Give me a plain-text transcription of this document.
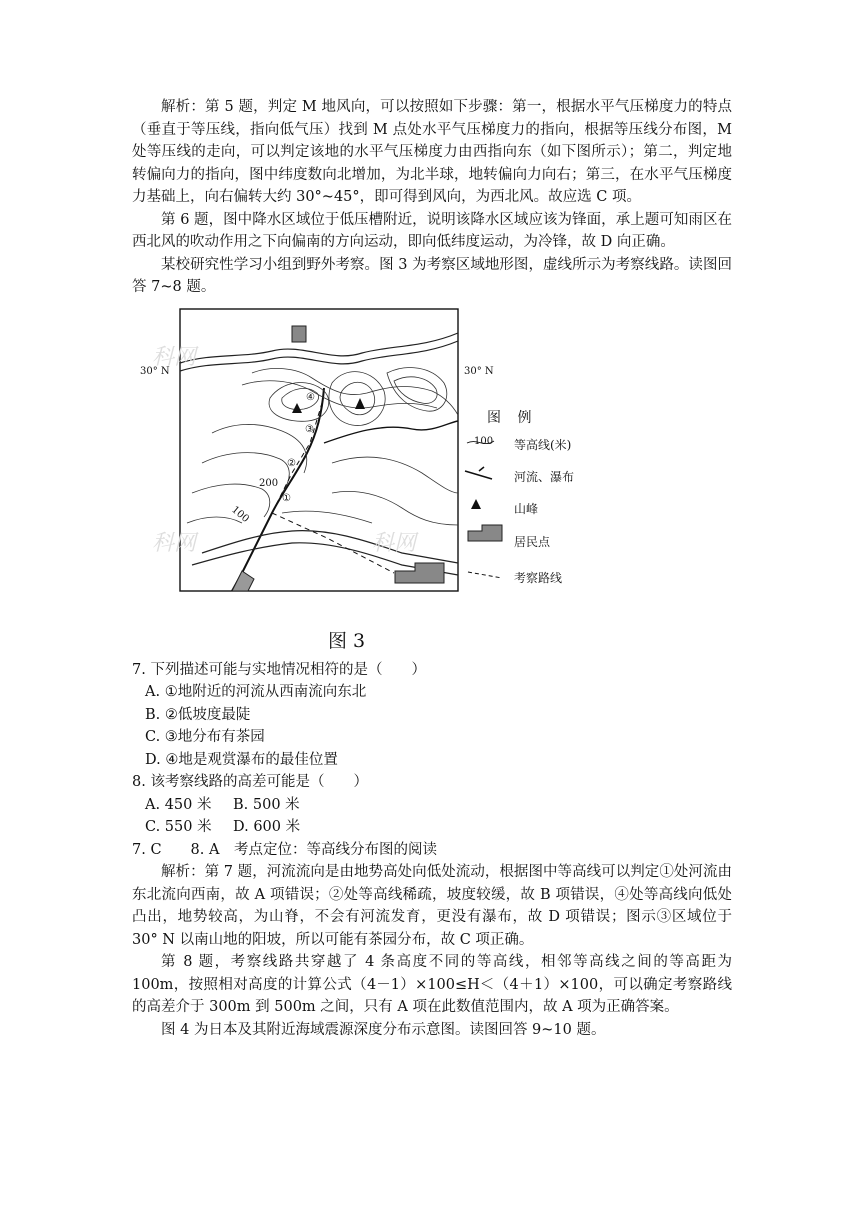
解析：第 5 题，判定 M 地风向，可以按照如下步骤：第一，根据水平气压梯度力的特点（垂直于等压线，指向低气压）找到 M 点处水平气压梯度力的指向，根据等压线分布图，M 处等压线的走向，可以判定该地的水平气压梯度力由西指向东（如下图所示）；第二，判定地转偏向力的指向，图中纬度数向北增加，为北半球，地转偏向力向右；第三，在水平气压梯度力基础上，向右偏转大约 30°~45°，即可得到风向，为西北风。故应选 C 项。

第 6 题，图中降水区域位于低压槽附近，说明该降水区域应该为锋面，承上题可知雨区在西北风的吹动作用之下向偏南的方向运动，即向低纬度运动，为冷锋，故 D 向正确。

某校研究性学习小组到野外考察。图 3 为考察区域地形图，虚线所示为考察线路。读图回答 7~8 题。

30° N	30° N
④
③
②
①
200
100
图 例
100 等高线(米)
河流、瀑布
山峰
居民点
考察路线
科网
科网	科网
图 3

7. 下列描述可能与实地情况相符的是（　　）

A. ①地附近的河流从西南流向东北

B. ②低坡度最陡

C. ③地分布有茶园

D. ④地是观赏瀑布的最佳位置

8. 该考察线路的高差可能是（　　）

A. 450 米 B. 500 米

C. 550 米 D. 600 米

7. C　　8. A　考点定位：等高线分布图的阅读

解析：第 7 题，河流流向是由地势高处向低处流动，根据图中等高线可以判定①处河流由东北流向西南，故 A 项错误；②处等高线稀疏，坡度较缓，故 B 项错误，④处等高线向低处凸出，地势较高，为山脊，不会有河流发育，更没有瀑布，故 D 项错误；图示③区域位于 30° N 以南山地的阳坡，所以可能有茶园分布，故 C 项正确。

第 8 题，考察线路共穿越了 4 条高度不同的等高线，相邻等高线之间的等高距为 100m，按照相对高度的计算公式（4－1）×100≤H＜（4＋1）×100，可以确定考察路线的高差介于 300m 到 500m 之间，只有 A 项在此数值范围内，故 A 项为正确答案。

图 4 为日本及其附近海域震源深度分布示意图。读图回答 9~10 题。
